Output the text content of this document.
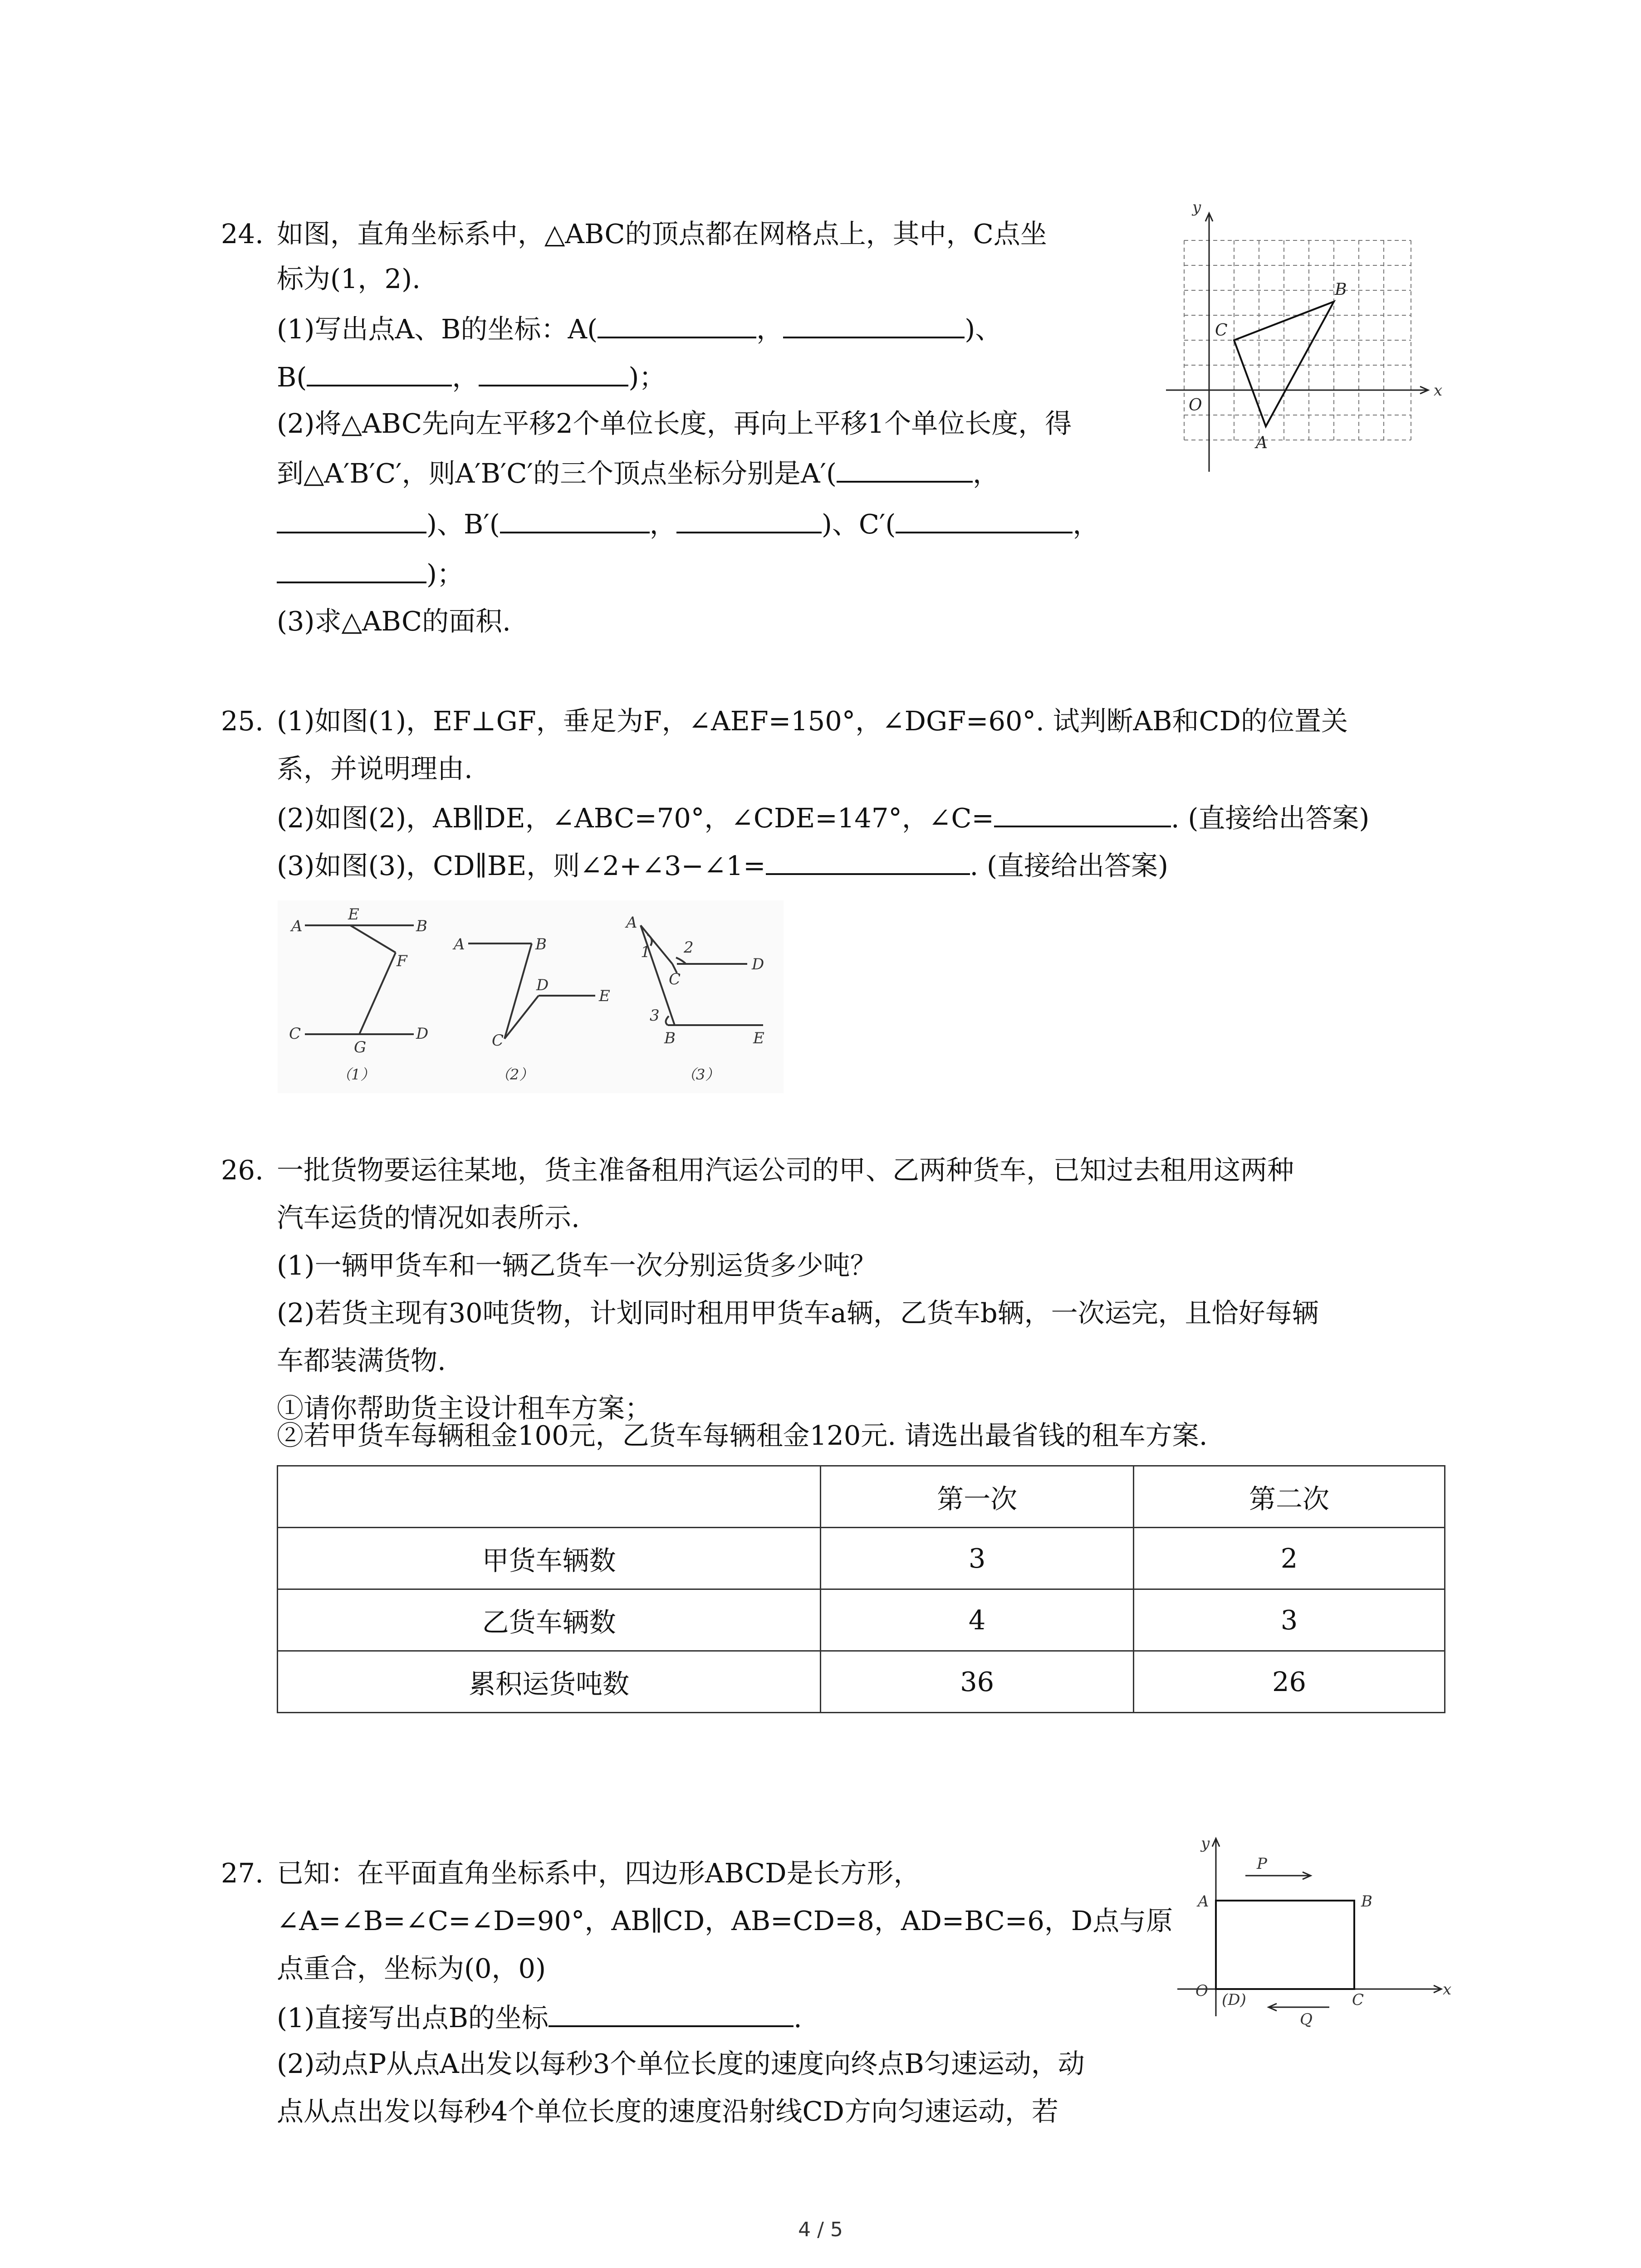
24. 如图，直角坐标系中，△ABC的顶点都在网格点上，其中，C点坐
标为(1，2).
(1)写出点A、B的坐标：A(	，	)、
B(	，	)；
(2)将△ABC先向左平移2个单位长度，再向上平移1个单位长度，得
到△A′B′C′，则A′B′C′的三个顶点坐标分别是A′(	，
)、B′(	，	)、C′(	，
)；
(3)求△ABC的面积.
y
x
O
A
B
C
25. (1)如图(1)，EF⊥GF，垂足为F，∠AEF=150°，∠DGF=60°. 试判断AB和CD的位置关
系，并说明理由.
(2)如图(2)，AB∥DE，∠ABC=70°，∠CDE=147°，∠C=	. (直接给出答案)
(3)如图(3)，CD∥BE，则∠2+∠3−∠1=	. (直接给出答案)
A
E
B
F
C
G
D
（1）
A	B
D
E
C
（2）
A
1 2
C
D
3
B	E
（3）
26. 一批货物要运往某地，货主准备租用汽运公司的甲、乙两种货车，已知过去租用这两种
汽车运货的情况如表所示.
(1)一辆甲货车和一辆乙货车一次分别运货多少吨？
(2)若货主现有30吨货物，计划同时租用甲货车a辆，乙货车b辆，一次运完，且恰好每辆
车都装满货物.
①请你帮助货主设计租车方案；
②若甲货车每辆租金100元，乙货车每辆租金120元. 请选出最省钱的租车方案.
	第一次	第二次
甲货车辆数	3	2
乙货车辆数	4	3
累积运货吨数	36	26
27. 已知：在平面直角坐标系中，四边形ABCD是长方形，
∠A=∠B=∠C=∠D=90°，AB∥CD，AB=CD=8，AD=BC=6，D点与原
点重合，坐标为(0，0)
(1)直接写出点B的坐标	.
(2)动点P从点A出发以每秒3个单位长度的速度向终点B匀速运动，动
点从点出发以每秒4个单位长度的速度沿射线CD方向匀速运动，若
y
x
P
A	B
O (D)
Q
C
4 / 5
